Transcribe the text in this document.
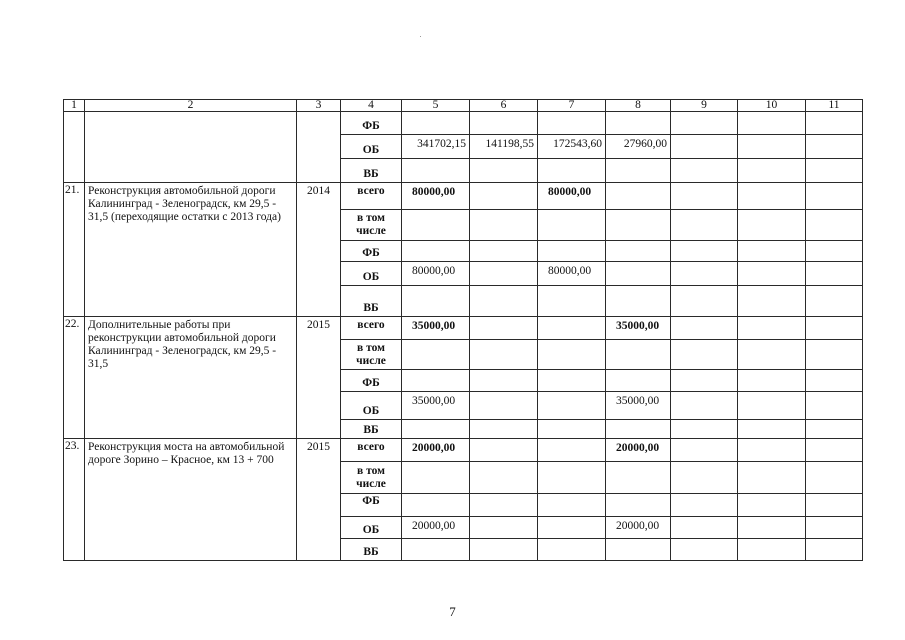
1	2	3	4	5	6	7	8	9	10	11
			ФБ							
			ОБ	341702,15	141198,55	172543,60	27960,00			
			ВБ							
21.	Реконструкция автомобильной дороги Калининград - Зеленоградск, км 29,5 - 31,5 (переходящие остатки с 2013 года)	2014	всего	80000,00		80000,00				
			в том числе							
			ФБ							
			ОБ	80000,00		80000,00				
			ВБ							
22.	Дополнительные работы при реконструкции автомобильной дороги Калининград - Зеленоградск, км 29,5 - 31,5	2015	всего	35000,00			35000,00			
			в том числе							
			ФБ							
			ОБ	35000,00			35000,00			
			ВБ							
23.	Реконструкция моста на автомобильной дороге Зорино – Красное, км 13 + 700	2015	всего	20000,00			20000,00			
			в том числе							
			ФБ							
			ОБ	20000,00			20000,00			
			ВБ							
7
